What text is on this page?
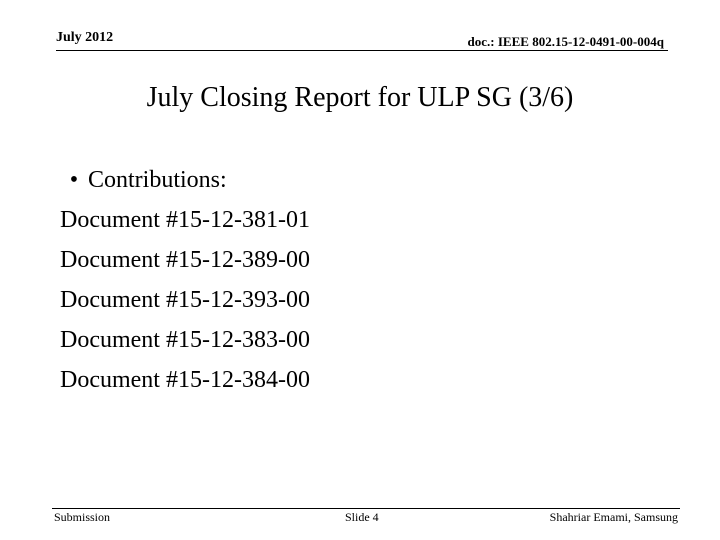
July 2012	doc.: IEEE 802.15-12-0491-00-004q
July Closing Report for ULP SG (3/6)
• Contributions:
Document #15-12-381-01
Document #15-12-389-00
Document #15-12-393-00
Document #15-12-383-00
Document #15-12-384-00
Submission	Slide 4	Shahriar Emami, Samsung
